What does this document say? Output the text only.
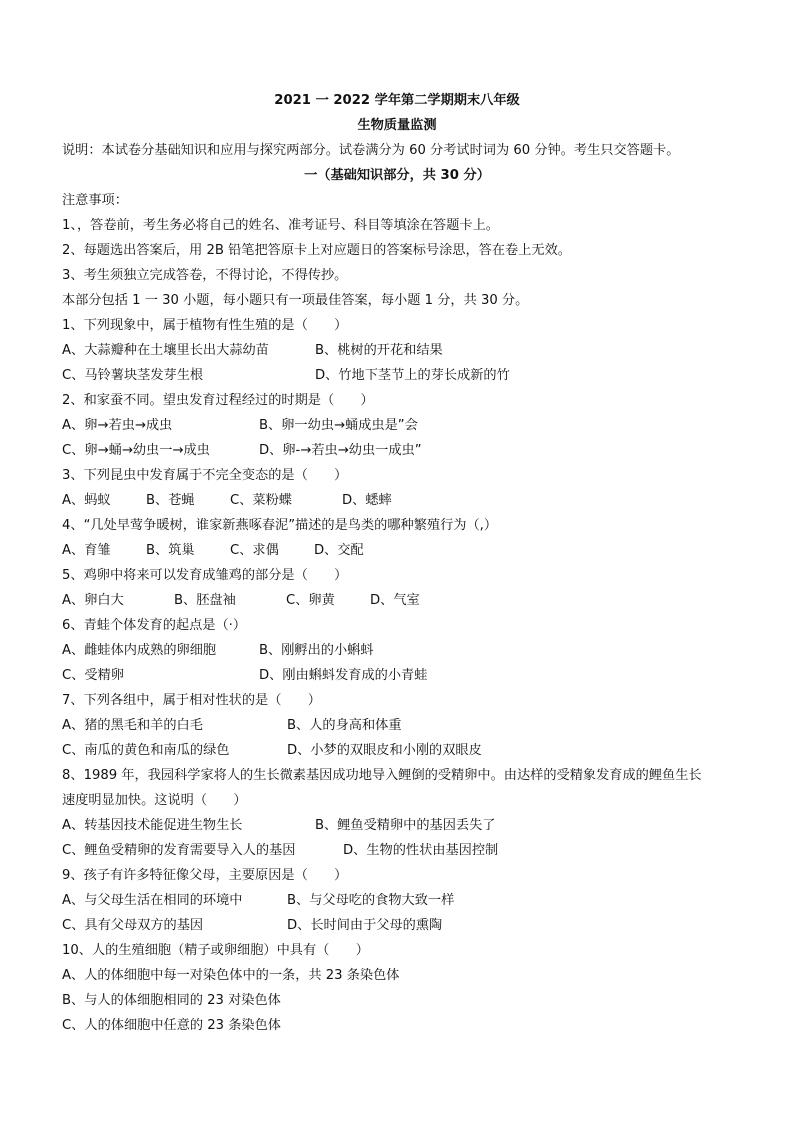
2021 一 2022 学年第二学期期末八年级
生物质量监测
说明：本试卷分基础知识和应用与探究两部分。试卷满分为 60 分考试时词为 60 分钟。考生只交答题卡。
一（基础知识部分，共 30 分）
注意事项：
1、，答卷前，考生务必将自己的姓名、准考证号、科目等填涂在答题卡上。
2、每题选出答案后，用 2B 铅笔把答原卡上对应题日的答案标号涂思，答在卷上无效。
3、考生须独立完成答卷，不得讨论，不得传抄。
本部分包括 1 一 30 小题，每小题只有一项最佳答案，每小题 1 分，共 30 分。
1、下列现象中，属于植物有性生殖的是（　　）
A、大蒜瓣种在土壤里长出大蒜幼苗	B、桃树的开花和结果
C、马铃薯块茎发芽生根	D、竹地下茎节上的芽长成新的竹
2、和家蚕不同。望虫发育过程经过的时期是（　　）
A、卵→若虫→成虫	B、卵一幼虫→蛹成虫是”会
C、卵→蛹→幼虫一→成虫	D、卵-→若虫→幼虫一成虫”
3、下列昆虫中发育属于不完全变态的是（　　）
A、蚂蚁	B、苍蝇	C、菜粉蝶	D、蟋蟀
4、“几处早莺争暖树，谁家新燕啄春泥”描述的是鸟类的哪种繁殖行为（,）
A、育雏	B、筑巢	C、求偶	D、交配
5、鸡卵中将来可以发育成雏鸡的部分是（　　）
A、卵白大	B、胚盘袖	C、卵黄	D、气室
6、青蛙个体发育的起点是（·）
A、雌蛙体内成熟的卵细胞	B、刚孵出的小蝌蚪
C、受精卵	D、刚由蝌蚪发育成的小青蛙
7、下列各组中，属于相对性状的是（　　）
A、猪的黑毛和羊的白毛	B、人的身高和体重
C、南瓜的黄色和南瓜的绿色	D、小梦的双眼皮和小刚的双眼皮
8、1989 年，我园科学家将人的生长微素基因成功地导入鲤倒的受精卵中。由达样的受精象发育成的鲤鱼生长
速度明显加快。这说明（　　）
A、转基因技术能促进生物生长	B、鲤鱼受精卵中的基因丢失了
C、鲤鱼受精卵的发育需要导入人的基因	D、生物的性状由基因控制
9、孩子有许多特征像父母，主要原因是（　　）
A、与父母生活在相同的环境中	B、与父母吃的食物大致一样
C、具有父母双方的基因	D、长时间由于父母的熏陶
10、人的生殖细胞（精子或卵细胞）中具有（　　）
A、人的体细胞中每一对染色体中的一条，共 23 条染色体
B、与人的体细胞相同的 23 对染色体
C、人的体细胞中任意的 23 条染色体
